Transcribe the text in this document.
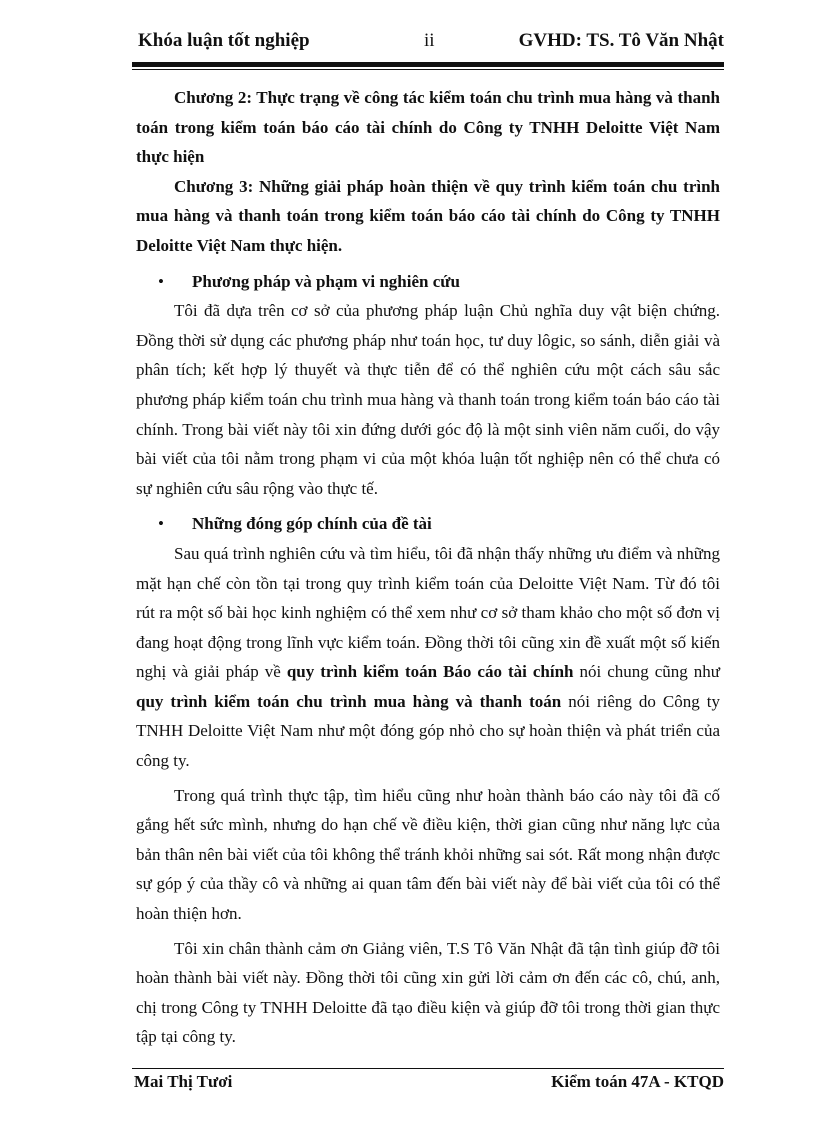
Khóa luận tốt nghiệp	ii	GVHD: TS. Tô Văn Nhật

Chương 2: Thực trạng về công tác kiểm toán chu trình mua hàng và thanh toán trong kiểm toán báo cáo tài chính do Công ty TNHH Deloitte Việt Nam thực hiện

Chương 3: Những giải pháp hoàn thiện về quy trình kiểm toán chu trình mua hàng và thanh toán trong kiểm toán báo cáo tài chính do Công ty TNHH Deloitte Việt Nam thực hiện.

• Phương pháp và phạm vi nghiên cứu

Tôi đã dựa trên cơ sở của phương pháp luận Chủ nghĩa duy vật biện chứng. Đồng thời sử dụng các phương pháp như toán học, tư duy lôgic, so sánh, diễn giải và phân tích; kết hợp lý thuyết và thực tiễn để có thể nghiên cứu một cách sâu sắc phương pháp kiểm toán chu trình mua hàng và thanh toán trong kiểm toán báo cáo tài chính. Trong bài viết này tôi xin đứng dưới góc độ là một sinh viên năm cuối, do vậy bài viết của tôi nằm trong phạm vi của một khóa luận tốt nghiệp nên có thể chưa có sự nghiên cứu sâu rộng vào thực tế.

• Những đóng góp chính của đề tài

Sau quá trình nghiên cứu và tìm hiểu, tôi đã nhận thấy những ưu điểm và những mặt hạn chế còn tồn tại trong quy trình kiểm toán của Deloitte Việt Nam. Từ đó tôi rút ra một số bài học kinh nghiệm có thể xem như cơ sở tham khảo cho một số đơn vị đang hoạt động trong lĩnh vực kiểm toán. Đồng thời tôi cũng xin đề xuất một số kiến nghị và giải pháp về quy trình kiểm toán Báo cáo tài chính nói chung cũng như quy trình kiểm toán chu trình mua hàng và thanh toán nói riêng do Công ty TNHH Deloitte Việt Nam như một đóng góp nhỏ cho sự hoàn thiện và phát triển của công ty.

Trong quá trình thực tập, tìm hiểu cũng như hoàn thành báo cáo này tôi đã cố gắng hết sức mình, nhưng do hạn chế về điều kiện, thời gian cũng như năng lực của bản thân nên bài viết của tôi không thể tránh khỏi những sai sót. Rất mong nhận được sự góp ý của thầy cô và những ai quan tâm đến bài viết này để bài viết của tôi có thể hoàn thiện hơn.

Tôi xin chân thành cảm ơn Giảng viên, T.S Tô Văn Nhật đã tận tình giúp đỡ tôi hoàn thành bài viết này. Đồng thời tôi cũng xin gửi lời cảm ơn đến các cô, chú, anh, chị trong Công ty TNHH Deloitte đã tạo điều kiện và giúp đỡ tôi trong thời gian thực tập tại công ty.

Mai Thị Tươi	Kiểm toán 47A - KTQD
